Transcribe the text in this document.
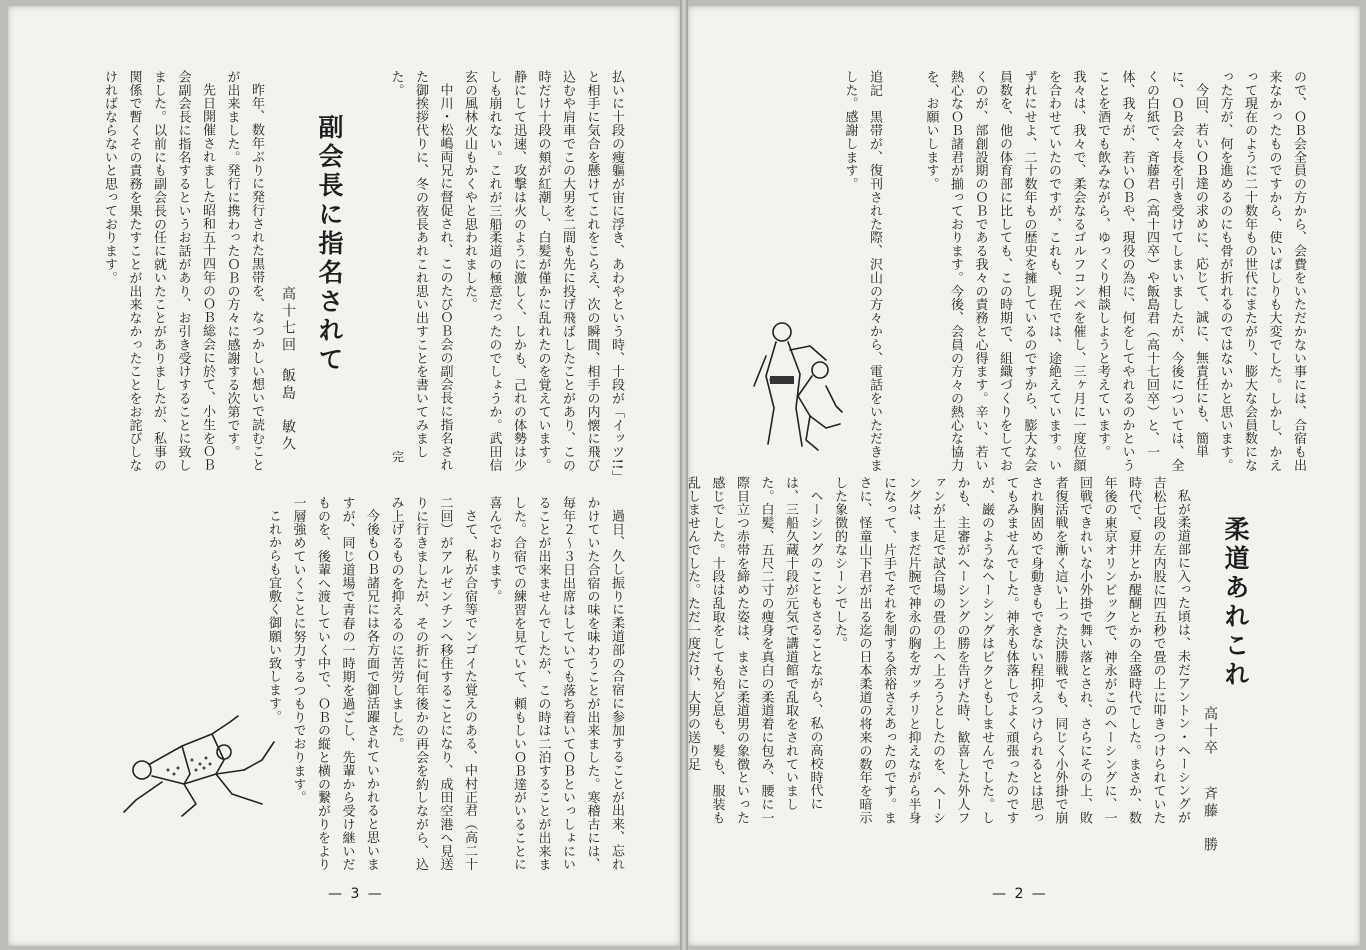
払いに十段の痩軀が宙に浮き、あわやという時、十段が「イッツ!!」と相手に気合を懸けてこれをこらえ、次の瞬間、相手の内懐に飛び込むや肩車でこの大男を二間も先に投げ飛ばしたことがあり、この時だけ十段の頬が紅潮し、白髪が僅かに乱れたのを覚えています。静にして迅速、攻撃は火のように激しく、しかも、己れの体勢は少しも崩れない。これが三船柔道の極意だったのでしょうか。武田信玄の風林火山もかくやと思われました。

中川・松嶋両兄に督促され、このたびＯＢ会の副会長に指名された御挨拶代りに、冬の夜長あれこれ思い出すことを書いてみました。

完
副会長に指名されて
高十七回
飯島　敏久

昨年、数年ぶりに発行された黒帯を、なつかしい想いで読むことが出来ました。発行に携わったＯＢの方々に感謝する次第です。

先日開催されました昭和五十四年のＯＢ総会に於て、小生をＯＢ会副会長に指名するというお話があり、お引き受けすることに致しました。以前にも副会長の任に就いたことがありましたが、私事の関係で暫くその責務を果たすことが出来なかったことをお詫びしなければならないと思っております。

過日、久し振りに柔道部の合宿に参加することが出来、忘れかけていた合宿の味を味わうことが出来ました。寒稽古には、毎年２〜３日出席はしていても落ち着いてＯＢといっしょにいることが出来ませんでしたが、この時は二泊することが出来ました。合宿での練習を見ていて、頼もしいＯＢ達がいることに喜んでおります。

さて、私が合宿等でンゴイた覚えのある、中村正君（高二十二回）がアルゼンチンへ移住することになり、成田空港へ見送りに行きましたが、その折に何年後かの再会を約しながら、込み上げるものを抑えるのに苦労しました。

今後もＯＢ諸兄には各方面で御活躍されていかれると思いますが、同じ道場で青春の一時期を過ごし、先輩から受け継いだものを、後輩へ渡していく中で、ＯＢの縦と横の繋がりをより一層強めていくことに努力するつもりでおります。

これからも宜敷く御願い致します。

— 3 —

ので、ＯＢ会全員の方から、会費をいただかない事には、合宿も出来なかったものですから、使いぱしりも大変でした。しかし、かえって現在のように二十数年もの世代にまたがり、膨大な会員数になった方が、何を進めるのにも骨が折れるのではないかと思います。

今回、若いＯＢ達の求めに、応じて、誠に、無責任にも、簡単に、ＯＢ会々長を引き受けてしまいましたが、今後については、全くの白紙で、斉藤君（高十四卒）や飯島君（高十七回卒）と、一体、我々が、若いＯＢや、現役の為に、何をしてやれるのかということを酒でも飲みながら、ゆっくり相談しようと考えています。我々は、我々で、柔会なるゴルフコンペを催し、三ヶ月に一度位顔を合わせていたのですが、これも、現在では、途絶えています。いずれにせよ、二十数年もの歴史を擁しているのですから、膨大な会員数を、他の体育部に比しても、この時期で、組織づくりをしておくのが、部創設期のＯＢである我々の責務と心得ます。辛い、若い熱心なＯＢ諸君が揃っております。今後、会員の方々の熱心な協力を、お願いします。

追記　黒帯が、復刊された際、沢山の方々から、電話をいただきました。感謝します。
柔道あれこれ
高十卒
斉藤　勝

私が柔道部に入った頃は、未だアントン・ヘーシングが吉松七段の左内股に四五秒で畳の上に叩きつけられていた時代で、夏井とか醍醐とかの全盛時代でした。まさか、数年後の東京オリンピックで、神永がこのヘーシングに、一回戦できれいな小外掛で舞い落とされ、さらにその上、敗者復活戦を漸く這い上った決勝戦でも、同じく小外掛で崩され胸固めで身動きもできない程抑えつけられるとは思ってもみませんでした。神永も体落しでよく頑張ったのですが、巌のようなヘーシングはビクともしませんでした。しかも、主審がヘーシングの勝を告げた時、歓喜した外人ファンが土足で試合場の畳の上へ上ろうとしたのを、ヘーシングは、まだ片腕で神永の胸をガッチリと抑えながら半身になって、片手でそれを制する余裕さえあったのです。まさに、怪童山下君が出る迄の日本柔道の将来の数年を暗示した象徴的なシーンでした。

ヘーシングのこともさることながら、私の高校時代には、三船久蔵十段が元気で講道館で乱取をされていました。白髪、五尺二寸の痩身を真白の柔道着に包み、腰に一際目立つ赤帯を締めた姿は、まさに柔道男の象徴といった感じでした。十段は乱取をしても殆ど息も、髪も、服装も乱しませんでした。ただ一度だけ、大男の送り足

— 2 —
